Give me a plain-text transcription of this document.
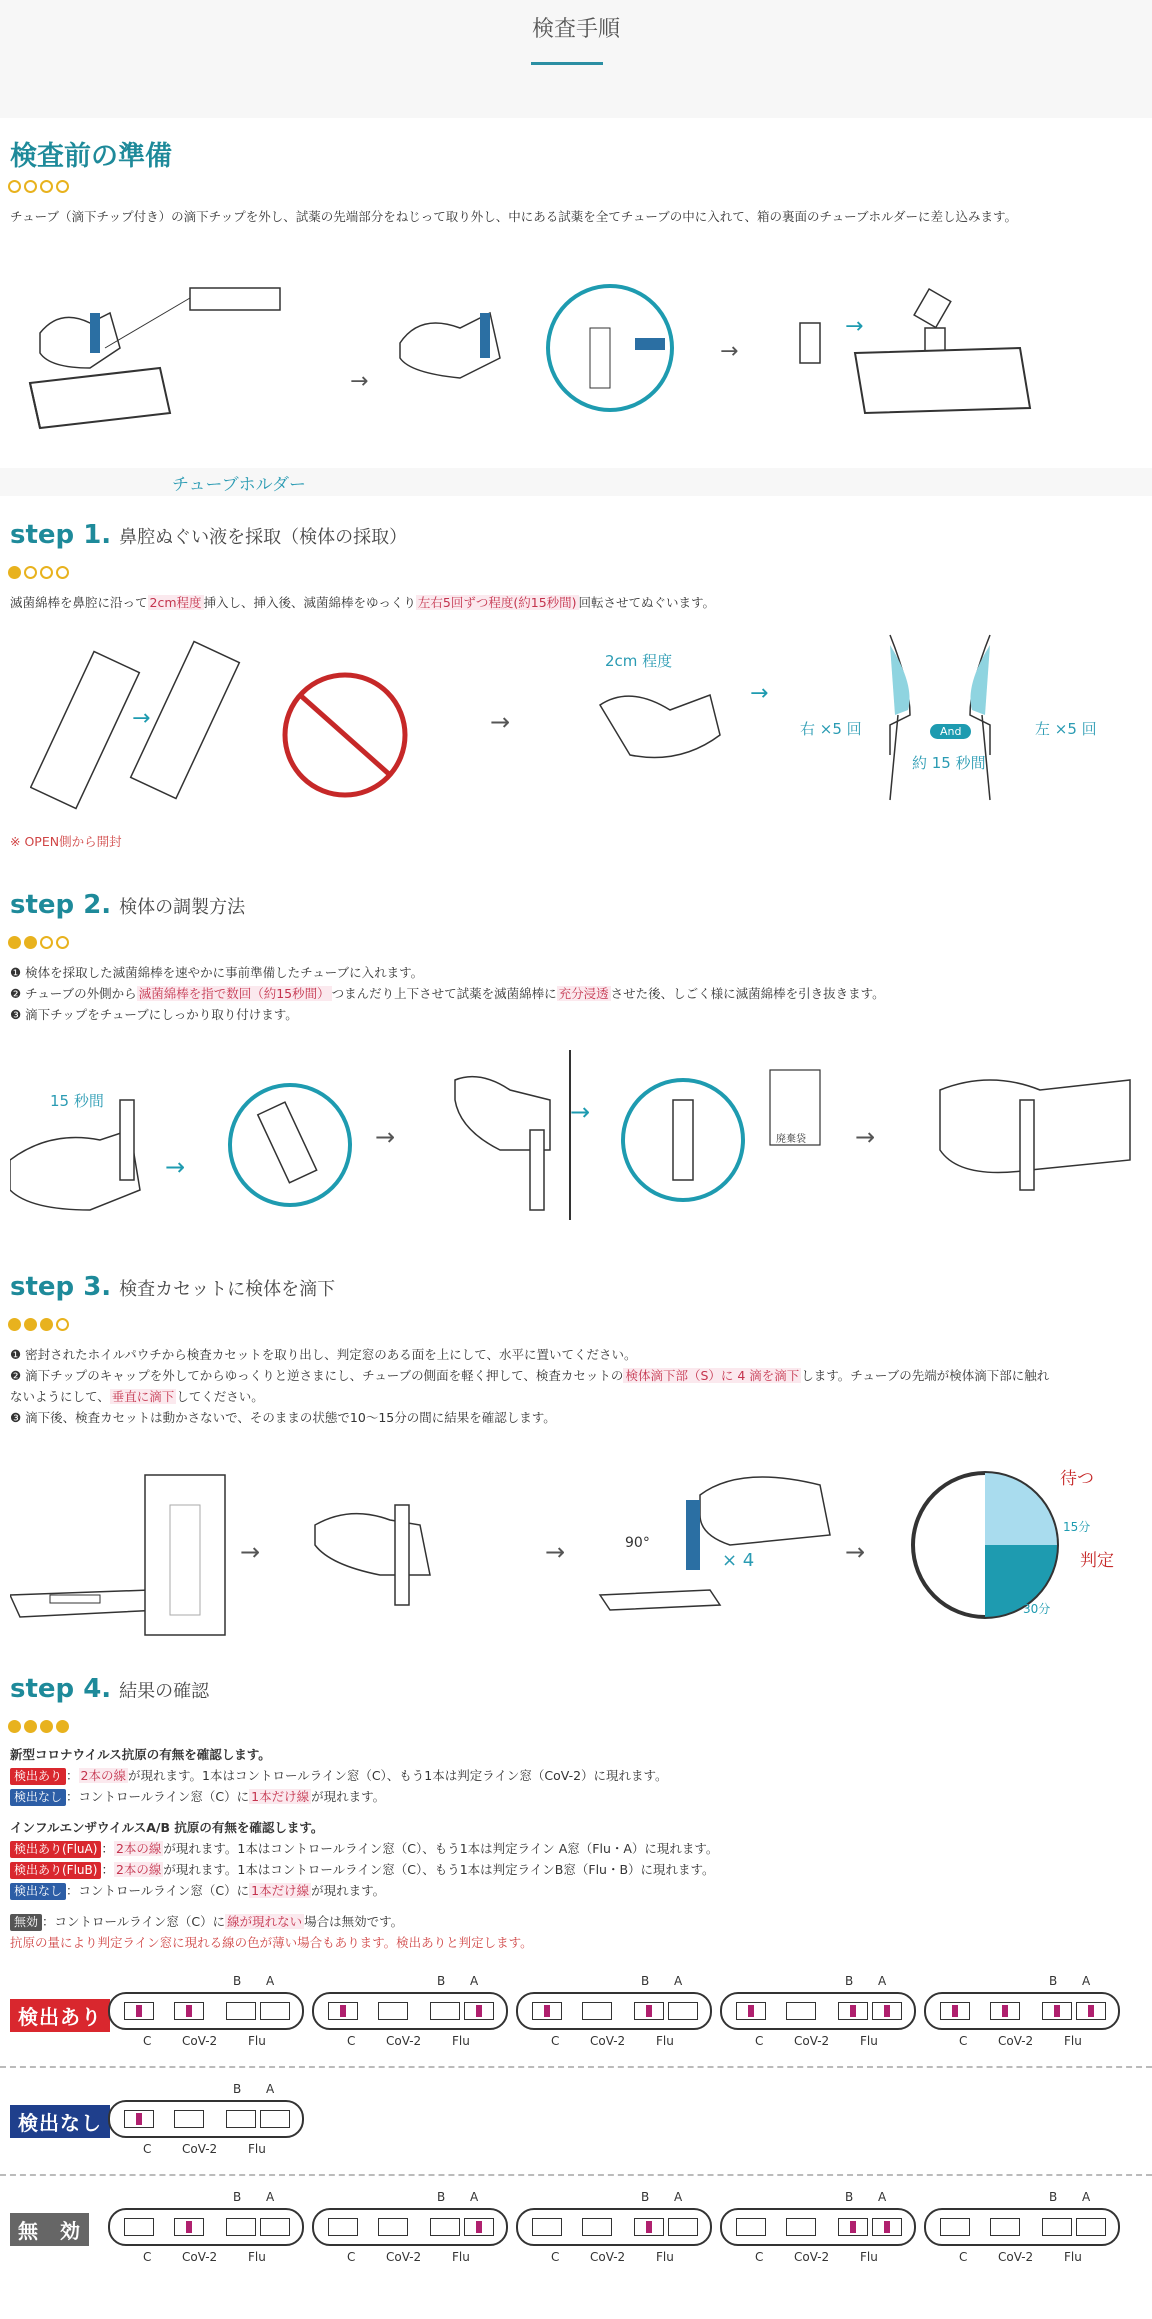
検査手順
検査前の準備
チューブ（滴下チップ付き）の滴下チップを外し、試薬の先端部分をねじって取り外し、中にある試薬を全てチューブの中に入れて、箱の裏面のチューブホルダーに差し込みます。
→
→
→
チューブホルダー
step 1. 鼻腔ぬぐい液を採取（検体の採取）
滅菌綿棒を鼻腔に沿って 2cm程度 挿入し、挿入後、滅菌綿棒をゆっくり 左右5回ずつ程度(約15秒間) 回転させてぬぐいます。
→	→
→
2cm 程度
右 ×5 回	And	左 ×5 回
約 15 秒間
※ OPEN側から開封
step 2. 検体の調製方法
❶ 検体を採取した滅菌綿棒を速やかに事前準備したチューブに入れます。
❷ チューブの外側から 滅菌綿棒を指で数回（約15秒間） つまんだり上下させて試薬を滅菌綿棒に 充分浸透 させた後、しごく様に滅菌綿棒を引き抜きます。
❸ 滴下チップをチューブにしっかり取り付けます。
→
→
→
→
15 秒間
廃棄袋
step 3. 検査カセットに検体を滴下
❶ 密封されたホイルパウチから検査カセットを取り出し、判定窓のある面を上にして、水平に置いてください。
❷ 滴下チップのキャップを外してからゆっくりと逆さまにし、チューブの側面を軽く押して、検査カセットの 検体滴下部（S）に 4 滴を滴下 します。チューブの先端が検体滴下部に触れ
ないようにして、 垂直に滴下 してください。
❸ 滴下後、検査カセットは動かさないで、そのままの状態で10〜15分の間に結果を確認します。
→	→	→
90°
× 4
待つ
15分
判定
30分
step 4. 結果の確認
新型コロナウイルス抗原の有無を確認します。
検出あり ： 2本の線 が現れます。1本はコントロールライン窓（C）、もう1本は判定ライン窓（CoV-2）に現れます。
検出なし ：コントロールライン窓（C）に 1本だけ線 が現れます。
インフルエンザウイルスA/B 抗原の有無を確認します。
検出あり(FluA) ： 2本の線 が現れます。1本はコントロールライン窓（C）、もう1本は判定ライン A窓（Flu・A）に現れます。
検出あり(FluB) ： 2本の線 が現れます。1本はコントロールライン窓（C）、もう1本は判定ラインB窓（Flu・B）に現れます。
検出なし ：コントロールライン窓（C）に 1本だけ線 が現れます。
無効 ：コントロールライン窓（C）に 線が現れない 場合は無効です。
抗原の量により判定ライン窓に現れる線の色が薄い場合もあります。検出ありと判定します。
検出あり
B A
C	CoV-2	Flu
B A
C	CoV-2	Flu
B A
C	CoV-2	Flu
B A
C	CoV-2	Flu
B A
C	CoV-2	Flu
検出なし
B A
C	CoV-2	Flu
無　効
B A
C	CoV-2	Flu
B A
C	CoV-2	Flu
B A
C	CoV-2	Flu
B A
C	CoV-2	Flu
B A
C	CoV-2	Flu
